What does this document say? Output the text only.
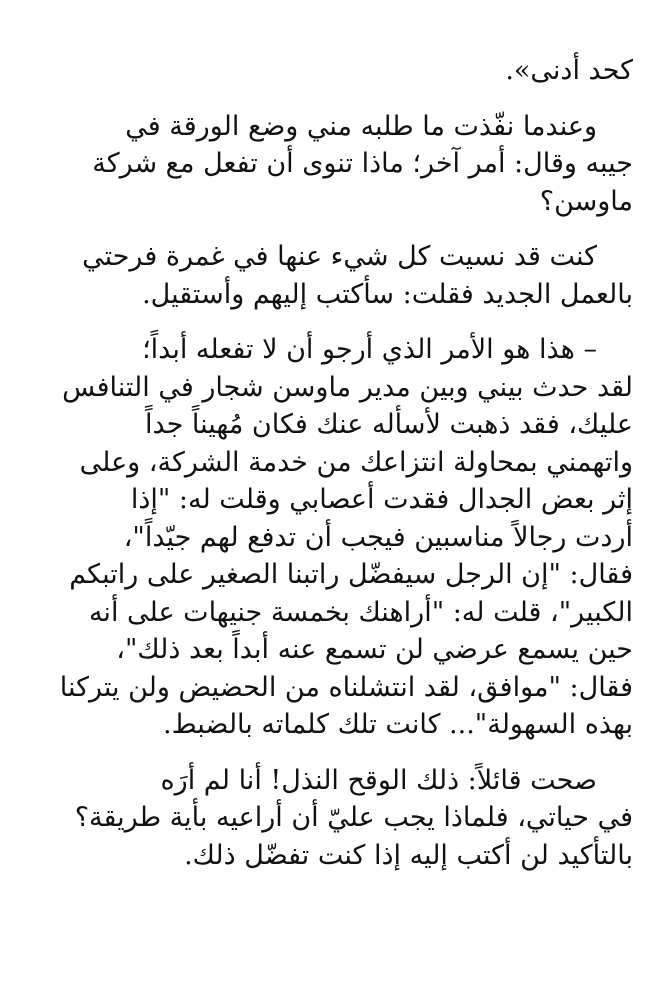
كحد أدنى».

وعندما نفّذت ما طلبه مني وضع الورقة في
جيبه وقال: أمر آخر؛ ماذا تنوى أن تفعل مع شركة
ماوسن؟

كنت قد نسيت كل شيء عنها في غمرة فرحتي
بالعمل الجديد فقلت: سأكتب إليهم وأستقيل.

– هذا هو الأمر الذي أرجو أن لا تفعله أبداً؛
لقد حدث بيني وبين مدير ماوسن شجار في التنافس
عليك، فقد ذهبت لأسأله عنك فكان مُهيناً جداً
واتهمني بمحاولة انتزاعك من خدمة الشركة، وعلى
إثر بعض الجدال فقدت أعصابي وقلت له: "إذا
أردت رجالاً مناسبين فيجب أن تدفع لهم جيّداً"،
فقال: "إن الرجل سيفضّل راتبنا الصغير على راتبكم
الكبير"، قلت له: "أراهنك بخمسة جنيهات على أنه
حين يسمع عرضي لن تسمع عنه أبداً بعد ذلك"،
فقال: "موافق، لقد انتشلناه من الحضيض ولن يتركنا
بهذه السهولة"... كانت تلك كلماته بالضبط.

صحت قائلاً: ذلك الوقح النذل! أنا لم أرَه
في حياتي، فلماذا يجب عليّ أن أراعيه بأية طريقة؟
بالتأكيد لن أكتب إليه إذا كنت تفضّل ذلك.
